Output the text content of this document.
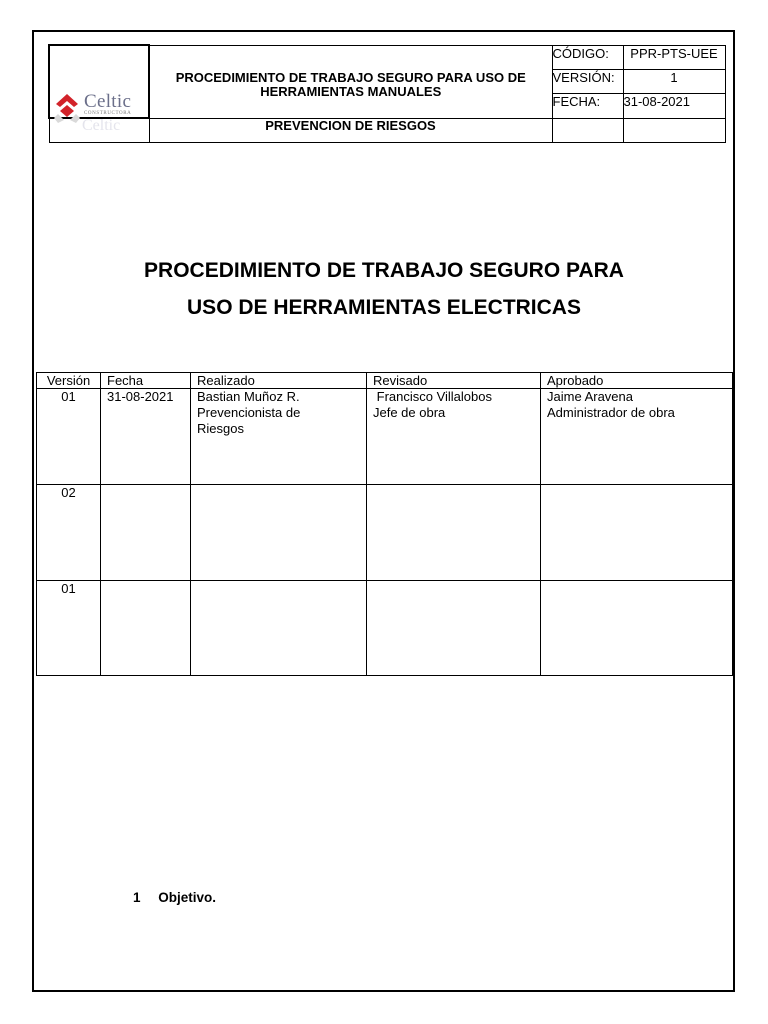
Celtic
CONSTRUCTORA
Celtic	PROCEDIMIENTO DE TRABAJO SEGURO PARA USO DE HERRAMIENTAS MANUALES	CÓDIGO:	PPR-PTS-UEE
		VERSIÓN:	1
		FECHA:	31-08-2021
	PREVENCION DE RIESGOS		
PROCEDIMIENTO DE TRABAJO SEGURO PARA
USO DE HERRAMIENTAS ELECTRICAS
Versión	Fecha	Realizado	Revisado	Aprobado
01	31-08-2021	Bastian Muñoz R. Prevencionista de Riesgos	Francisco Villalobos Jefe de obra	Jaime Aravena Administrador de obra
02				
01				
1 Objetivo.
